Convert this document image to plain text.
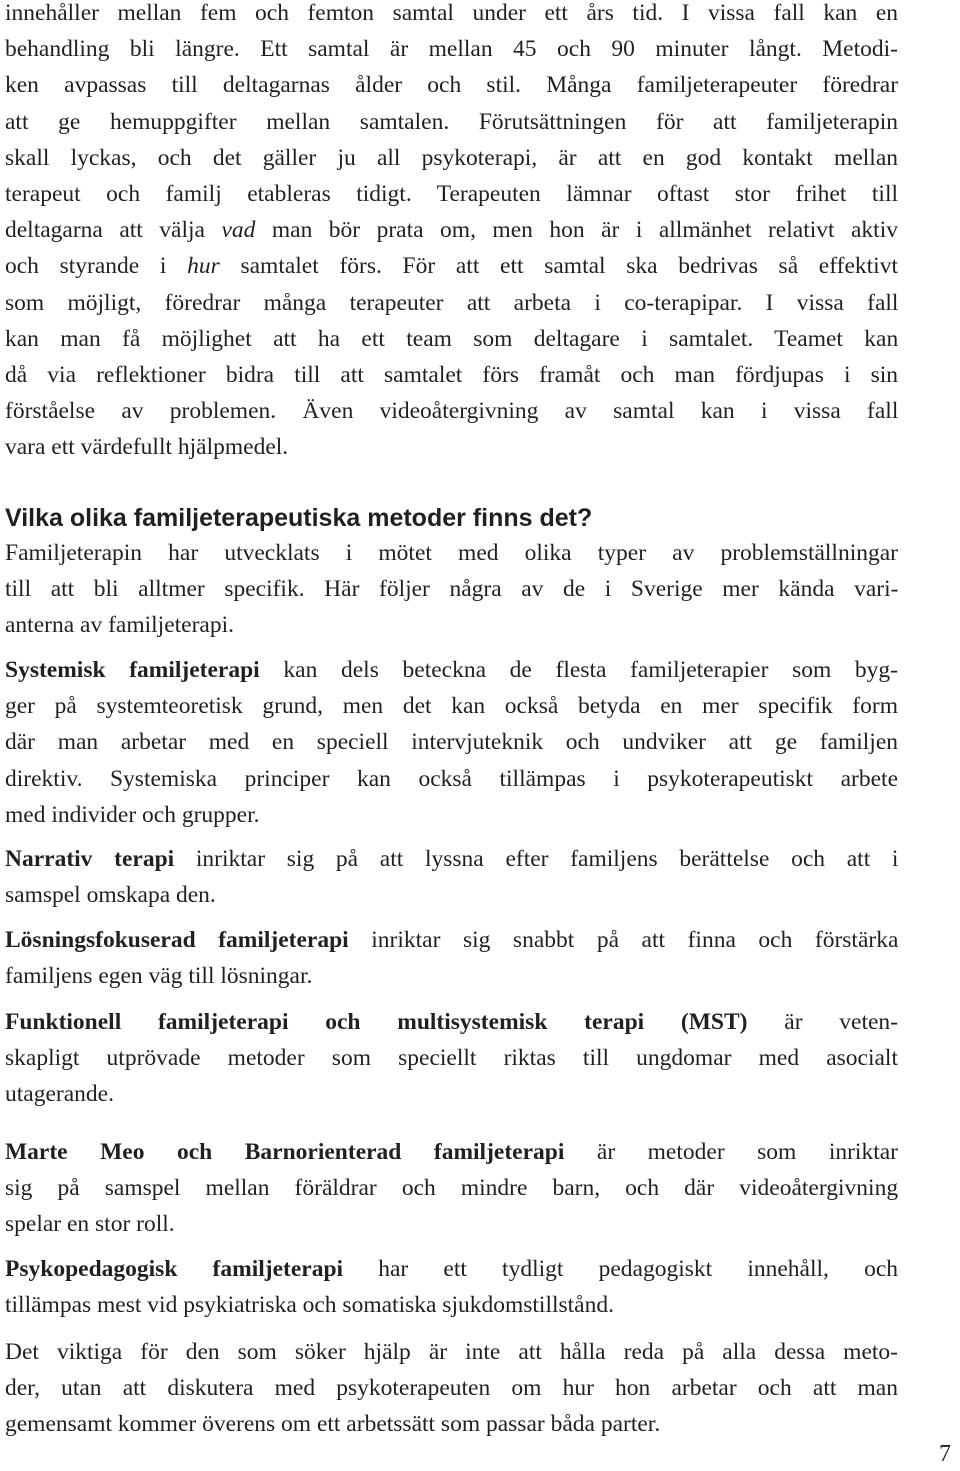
innehåller mellan fem och femton samtal under ett års tid. I vissa fall kan en
behandling bli längre. Ett samtal är mellan 45 och 90 minuter långt. Metodi-
ken avpassas till deltagarnas ålder och stil. Många familjeterapeuter föredrar
att ge hemuppgifter mellan samtalen. Förutsättningen för att familjeterapin
skall lyckas, och det gäller ju all psykoterapi, är att en god kontakt mellan
terapeut och familj etableras tidigt. Terapeuten lämnar oftast stor frihet till
deltagarna att välja vad man bör prata om, men hon är i allmänhet relativt aktiv
och styrande i hur samtalet förs. För att ett samtal ska bedrivas så effektivt
som möjligt, föredrar många terapeuter att arbeta i co-terapipar. I vissa fall
kan man få möjlighet att ha ett team som deltagare i samtalet. Teamet kan
då via reflektioner bidra till att samtalet förs framåt och man fördjupas i sin
förståelse av problemen. Även videoåtergivning av samtal kan i vissa fall
vara ett värdefullt hjälpmedel.
Vilka olika familjeterapeutiska metoder finns det?
Familjeterapin har utvecklats i mötet med olika typer av problemställningar
till att bli alltmer specifik. Här följer några av de i Sverige mer kända vari-
anterna av familjeterapi.
Systemisk familjeterapi kan dels beteckna de flesta familjeterapier som byg-
ger på systemteoretisk grund, men det kan också betyda en mer specifik form
där man arbetar med en speciell intervjuteknik och undviker att ge familjen
direktiv. Systemiska principer kan också tillämpas i psykoterapeutiskt arbete
med individer och grupper.
Narrativ terapi inriktar sig på att lyssna efter familjens berättelse och att i
samspel omskapa den.
Lösningsfokuserad familjeterapi inriktar sig snabbt på att finna och förstärka
familjens egen väg till lösningar.
Funktionell familjeterapi och multisystemisk terapi (MST) är veten-
skapligt utprövade metoder som speciellt riktas till ungdomar med asocialt
utagerande.
Marte Meo och Barnorienterad familjeterapi är metoder som inriktar
sig på samspel mellan föräldrar och mindre barn, och där videoåtergivning
spelar en stor roll.
Psykopedagogisk familjeterapi har ett tydligt pedagogiskt innehåll, och
tillämpas mest vid psykiatriska och somatiska sjukdomstillstånd.
Det viktiga för den som söker hjälp är inte att hålla reda på alla dessa meto-
der, utan att diskutera med psykoterapeuten om hur hon arbetar och att man
gemensamt kommer överens om ett arbetssätt som passar båda parter.
7
